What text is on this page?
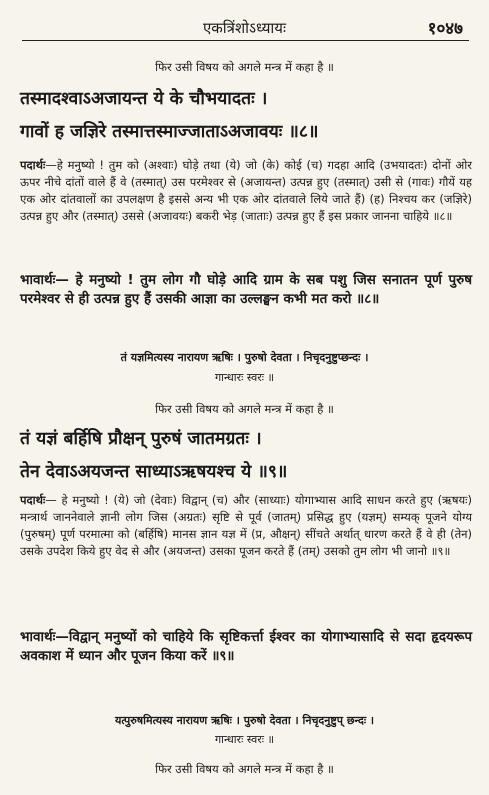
एकत्रिंशोऽध्यायः	१०४७
फिर उसी विषय को अगले मन्त्र में कहा है ॥
तस्मादश्वाऽअजायन्त ये के चौभयादतः ।
गावों ह जज्ञिरे तस्मात्तस्माज्जाताऽअजावयः ॥८॥
पदार्थः—हे मनुष्यो ! तुम को (अश्वाः) घोड़े तथा (ये) जो (के) कोई (च) गदहा आदि (उभयादतः) दोनों ओर ऊपर नीचे दांतों वाले हैं वे (तस्मात्) उस परमेश्वर से (अजायन्त) उत्पन्न हुए (तस्मात्) उसी से (गावः) गौयें यह एक ओर दांतवालों का उपलक्षण है इससे अन्य भी एक ओर दांतवाले लिये जाते हैं) (ह) निश्चय कर (जज्ञिरे) उत्पन्न हुए और (तस्मात्) उससे (अजावयः) बकरी भेड़ (जाताः) उत्पन्न हुए हैं इस प्रकार जानना चाहिये ॥८॥
भावार्थः— हे मनुष्यो ! तुम लोग गौ घोड़े आदि ग्राम के सब पशु जिस सनातन पूर्ण पुरुष परमेश्वर से ही उत्पन्न हुए हैं उसकी आज्ञा का उल्लङ्घन कभी मत करो ॥८॥
तं यज्ञमित्यस्य नारायण ऋषिः । पुरुषो देवता । निचृदनुष्टुप्छन्दः ।
गान्धारः स्वरः ॥
फिर उसी विषय को अगले मन्त्र में कहा है ॥
तं यज्ञं बर्हिषि प्रौक्षन् पुरुषं जातमग्रतः ।
तेन देवाऽअयजन्त साध्याऽऋषयश्च ये ॥९॥
पदार्थः— हे मनुष्यो ! (ये) जो (देवाः) विद्वान् (च) और (साध्याः) योगाभ्यास आदि साधन करते हुए (ऋषयः) मन्त्रार्थ जाननेवाले ज्ञानी लोग जिस (अग्रतः) सृष्टि से पूर्व (जातम्) प्रसिद्ध हुए (यज्ञम्) सम्यक् पूजने योग्य (पुरुषम्) पूर्ण परमात्मा को (बर्हिषि) मानस ज्ञान यज्ञ में (प्र, औक्षन्) सींचते अर्थात् धारण करते हैं वे ही (तेन) उसके उपदेश किये हुए वेद से और (अयजन्त) उसका पूजन करते हैं (तम्) उसको तुम लोग भी जानो ॥९॥
भावार्थः—विद्वान् मनुष्यों को चाहिये कि सृष्टिकर्त्ता ईश्वर का योगाभ्यासादि से सदा हृदयरूप अवकाश में ध्यान और पूजन किया करें ॥९॥
यत्पुरुषमित्यस्य नारायण ऋषिः । पुरुषो देवता । निचृदनुष्टुप् छन्दः ।
गान्धारः स्वरः ॥
फिर उसी विषय को अगले मन्त्र में कहा है ॥
